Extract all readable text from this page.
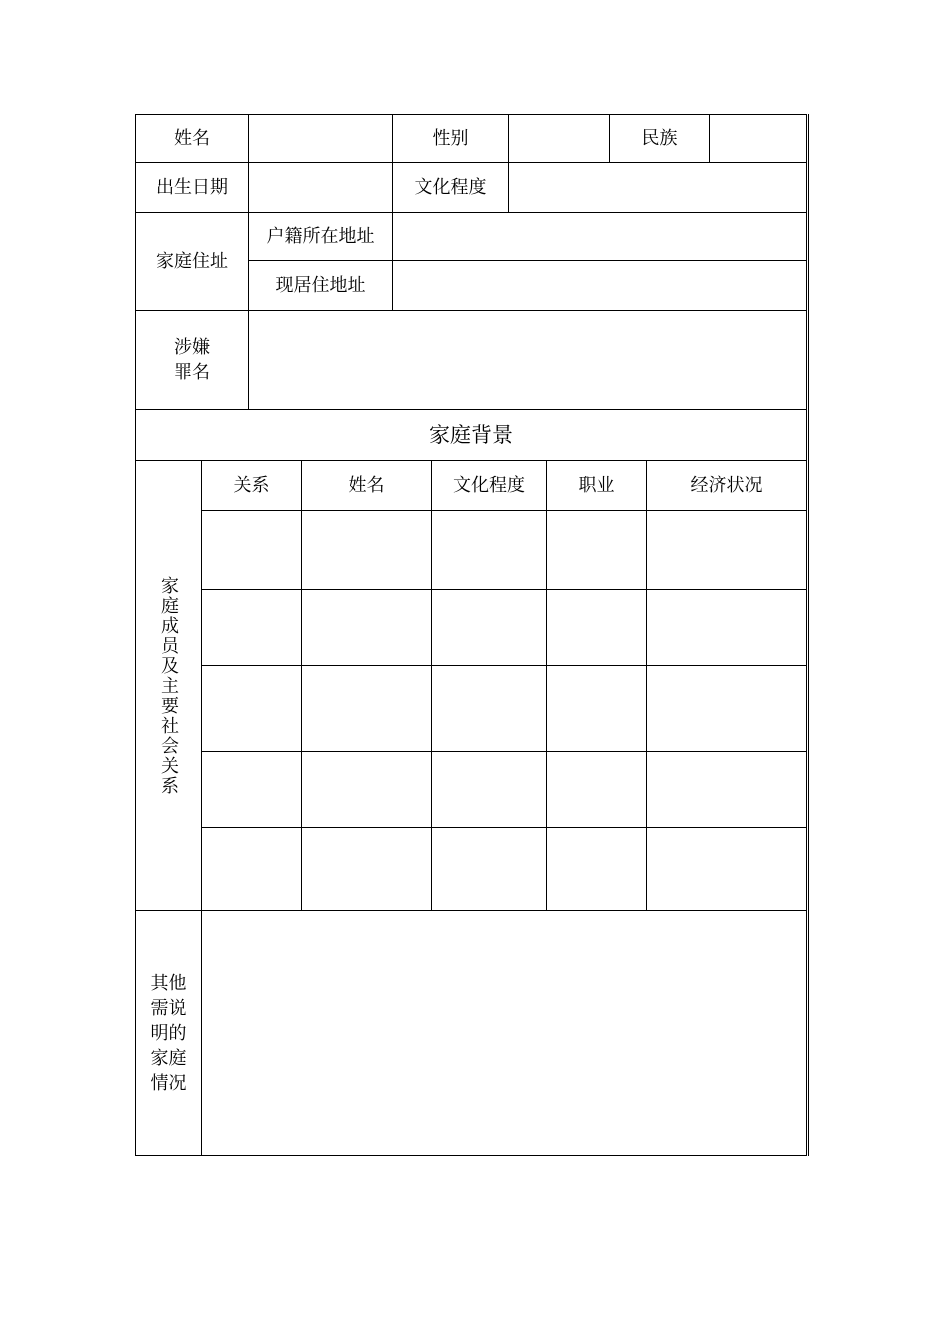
姓名	性别	民族
出生日期	文化程度
家庭住址
户籍所在地址
现居住地址
涉嫌
罪名
家庭背景
家庭成员及主要社会关系
关系	姓名	文化程度	职业	经济状况
其他
需说
明的
家庭
情况
